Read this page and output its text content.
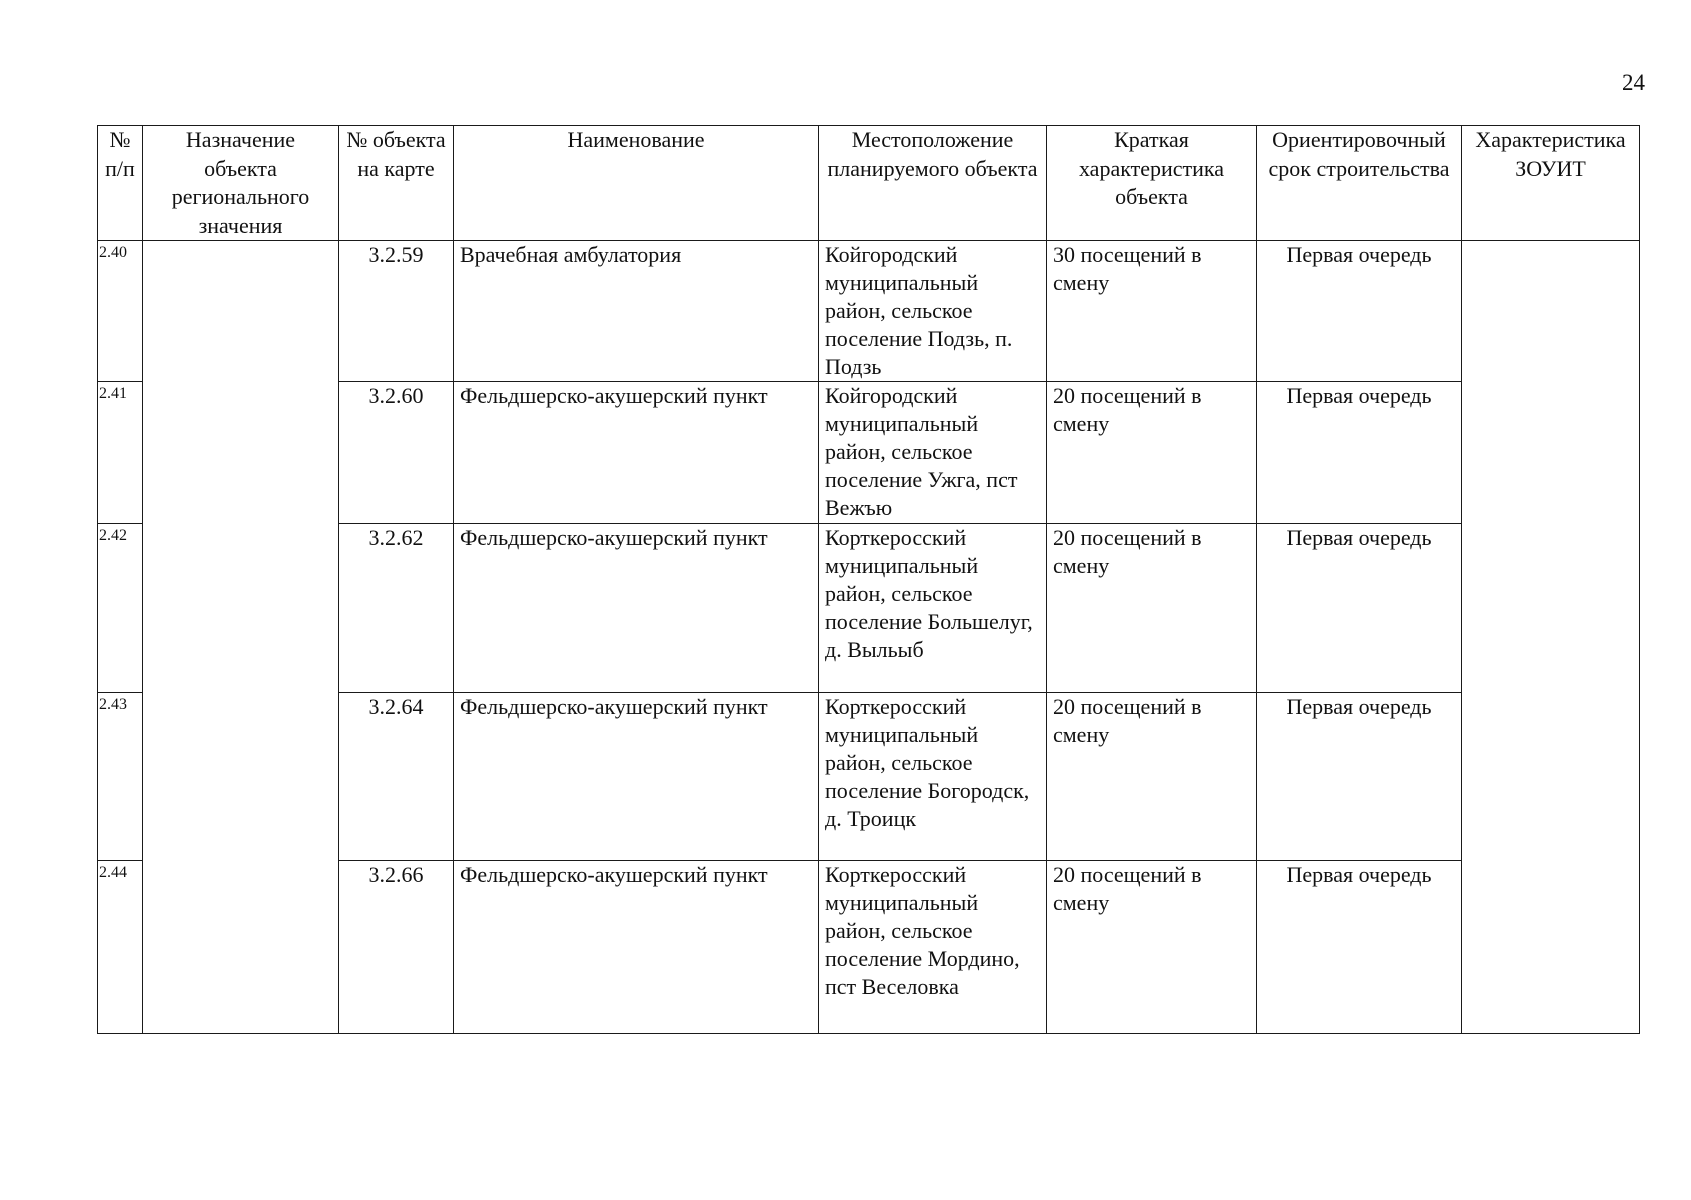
24
№ п/п	Назначение объекта регионального значения	№ объекта на карте	Наименование	Местоположение планируемого объекта	Краткая характеристика объекта	Ориентировочный срок строительства	Характеристика ЗОУИТ
2.40		3.2.59	Врачебная амбулатория	Койгородский муниципальный район, сельское поселение Подзь, п. Подзь	30 посещений в смену	Первая очередь	
2.41		3.2.60	Фельдшерско-акушерский пункт	Койгородский муниципальный район, сельское поселение Ужга, пст Вежъю	20 посещений в смену	Первая очередь	
2.42		3.2.62	Фельдшерско-акушерский пункт	Корткеросский муниципальный район, сельское поселение Большелуг, д. Выльыб	20 посещений в смену	Первая очередь	
2.43		3.2.64	Фельдшерско-акушерский пункт	Корткеросский муниципальный район, сельское поселение Богородск, д. Троицк	20 посещений в смену	Первая очередь	
2.44		3.2.66	Фельдшерско-акушерский пункт	Корткеросский муниципальный район, сельское поселение Мордино, пст Веселовка	20 посещений в смену	Первая очередь	
